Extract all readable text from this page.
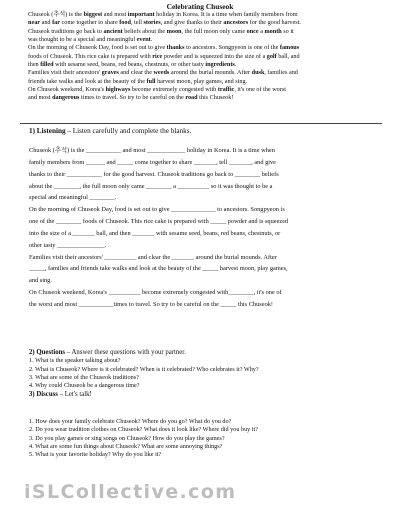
Celebrating Chuseok
Chuseok (추석) is the biggest and most important holiday in Korea. It is a time when family members from
near and far come together to share food, tell stories, and give thanks to their ancestors for the good harvest.
Chuseok traditions go back to ancient beliefs about the moon, the full moon only came once a month so it
was thought to be a special and meaningful event.
On the morning of Chuseok Day, food is set out to give thanks to ancestors. Songpyeon is one of the famous
foods of Chuseok. This rice cake is prepared with rice powder and is squeezed into the size of a golf ball, and
then filled with sesame seed, beans, red beans, chestnuts, or other tasty ingredients.
Families visit their ancestors' graves and clear the weeds around the burial mounds. After dusk, families and
friends take walks and look at the beauty of the full harvest moon, play games, and sing.
On Chuseok weekend, Korea's highways become extremely congested with traffic, it's one of the worst
and most dangerous times to travel. So try to be careful on the road this Chuseok!
1) Listening – Listen carefully and complete the blanks.
Chuseok (추석) is the ___________ and most ____________ holiday in Korea. It is a time when
family members from ______ and _____ come together to share _______, tell _______, and give
thanks to their ___________ for the good harvest. Chuseok traditions go back to ________ beliefs
about the ________, the full moon only came ________ a __________ so it was thought to be a
special and meaningful ________.
On the morning of Chuseok Day, food is set out to give ______________ to ancestors. Songpyeon is
one of the ________ foods of Chuseok. This rice cake is prepared with _____ powder and is squeezed
into the size of a _______ ball, and then _______ with sesame seed, beans, red beans, chestnuts, or
other tasty _______________.
Families visit their ancestors' __________ and clear the _______ around the burial mounds. After
_____, families and friends take walks and look at the beauty of the _____ harvest moon, play games,
and sing.
On Chuseok weekend, Korea's __________ become extremely congested with________, it's one of
the worst and most ___________times to travel. So try to be careful on the _____ this Chuseok!
2) Questions – Answer these questions with your partner.
1. What is the speaker talking about?
2. What is Chuseok? Where is it celebrated? When is it celebrated? Who celebrates it? Why?
3. What are some of the Chuseok traditions?
4. Why could Chuseok be a dangerous time?
3) Discuss – Let's talk!
1. How does your family celebrate Chuseok? Where do you go? What do you do?
2. Do you wear tradition clothes on Chuseok? What does it look like? Where did you buy it?
3. Do you play games or sing songs on Chuseok? How do you play the games?
4. What are some fun things about Chuseok? What are some annoying things?
5. What is your favorite holiday? Why do you like it?
iSLCollective.com
